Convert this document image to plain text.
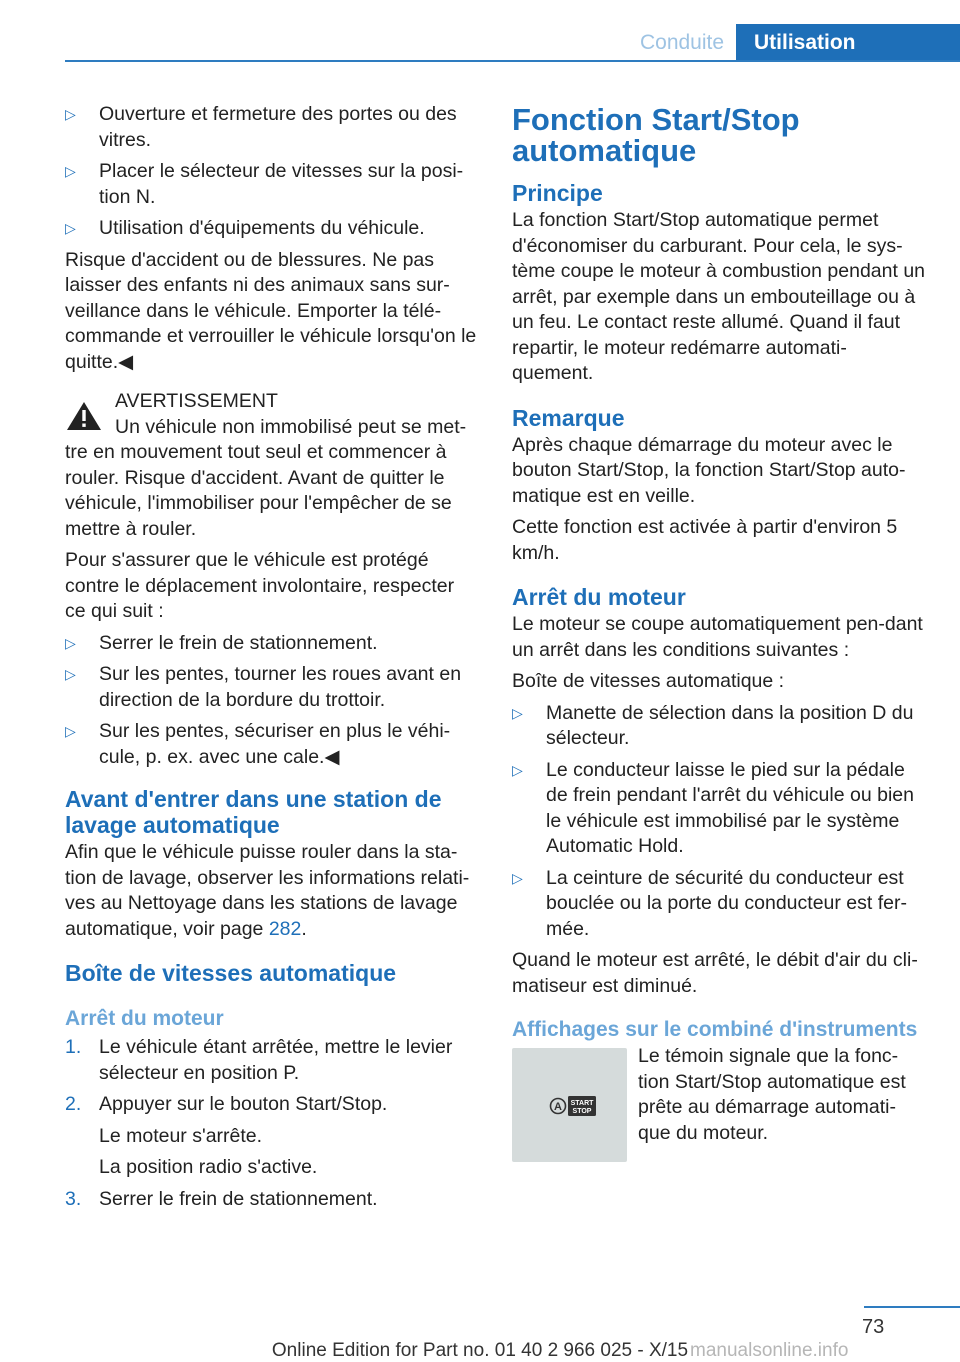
Conduite	Utilisation
▷ Ouverture et fermeture des portes ou des vitres.
▷ Placer le sélecteur de vitesses sur la posi‐tion N.
▷ Utilisation d'équipements du véhicule.

Risque d'accident ou de blessures. Ne pas laisser des enfants ni des animaux sans sur‐veillance dans le véhicule. Emporter la télé‐commande et verrouiller le véhicule lorsqu'on le quitte.◀

AVERTISSEMENT

Un véhicule non immobilisé peut se met‐tre en mouvement tout seul et commencer à rouler. Risque d'accident. Avant de quitter le véhicule, l'immobiliser pour l'empêcher de se mettre à rouler.

Pour s'assurer que le véhicule est protégé contre le déplacement involontaire, respecter ce qui suit :

▷ Serrer le frein de stationnement.
▷ Sur les pentes, tourner les roues avant en direction de la bordure du trottoir.
▷ Sur les pentes, sécuriser en plus le véhi‐cule, p. ex. avec une cale.◀
Avant d'entrer dans une station de lavage automatique

Afin que le véhicule puisse rouler dans la sta‐tion de lavage, observer les informations relati‐ves au Nettoyage dans les stations de lavage automatique, voir page 282.

Boîte de vitesses automatique
Arrêt du moteur
1. Le véhicule étant arrêtée, mettre le levier sélecteur en position P.
2. Appuyer sur le bouton Start/Stop.
Le moteur s'arrête.
La position radio s'active.
3. Serrer le frein de stationnement.
Fonction Start/Stop automatique
Principe

La fonction Start/Stop automatique permet d'économiser du carburant. Pour cela, le sys‐tème coupe le moteur à combustion pendant un arrêt, par exemple dans un embouteillage ou à un feu. Le contact reste allumé. Quand il faut repartir, le moteur redémarre automati‐quement.

Remarque

Après chaque démarrage du moteur avec le bouton Start/Stop, la fonction Start/Stop auto‐matique est en veille.

Cette fonction est activée à partir d'environ 5 km/h.

Arrêt du moteur

Le moteur se coupe automatiquement pen‐dant un arrêt dans les conditions suivantes :

Boîte de vitesses automatique :

▷ Manette de sélection dans la position D du sélecteur.
▷ Le conducteur laisse le pied sur la pédale de frein pendant l'arrêt du véhicule ou bien le véhicule est immobilisé par le système Automatic Hold.
▷ La ceinture de sécurité du conducteur est bouclée ou la porte du conducteur est fer‐mée.

Quand le moteur est arrêté, le débit d'air du cli‐matiseur est diminué.

Affichages sur le combiné d'instruments
A START
STOP
Le témoin signale que la fonc‐tion Start/Stop automatique est prête au démarrage automati‐que du moteur.
73
Online Edition for Part no. 01 40 2 966 025 - X/15 manualsonline.info
